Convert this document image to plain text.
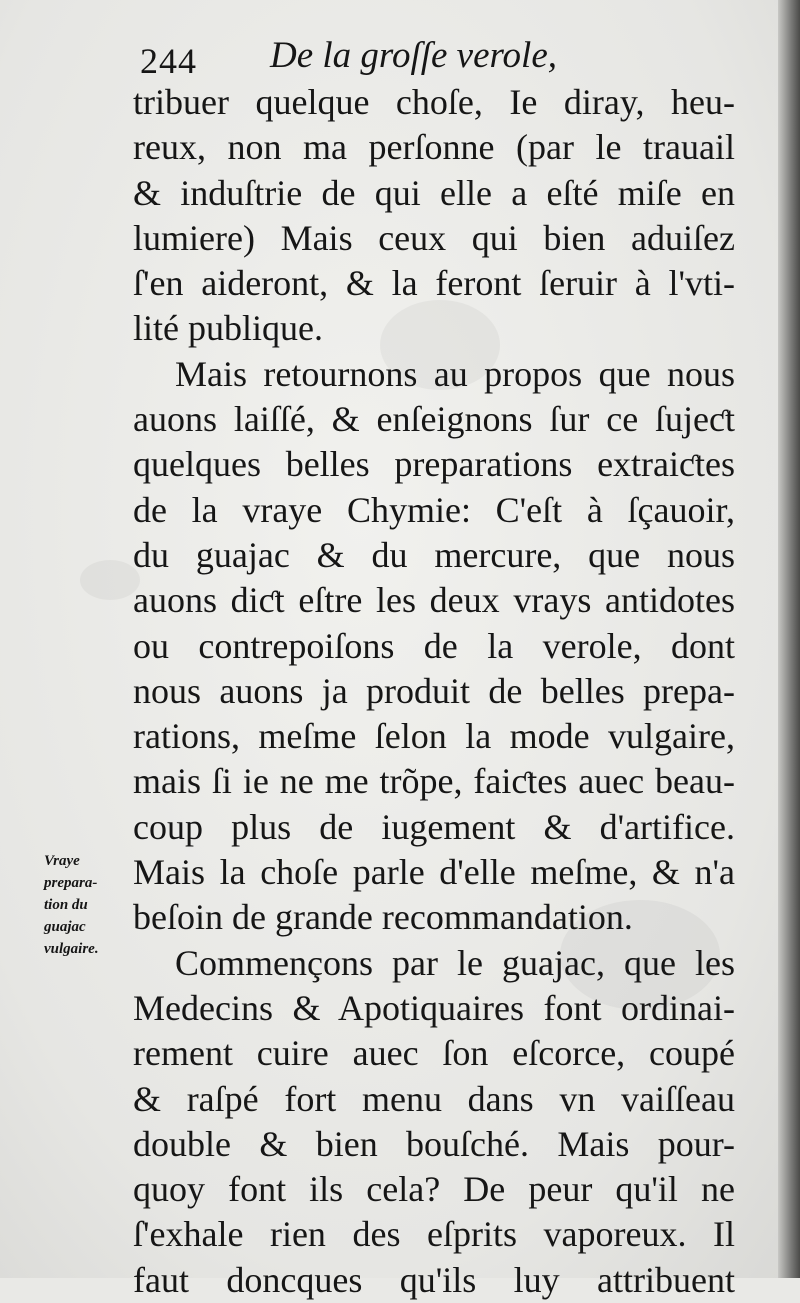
244 De la groſſe verole,
tribuer quelque choſe, Ie diray, heu-
reux, non ma perſonne (par le trauail
& induſtrie de qui elle a eſté miſe en
lumiere) Mais ceux qui bien aduiſez
ſ'en aideront, & la feront ſeruir à l'vti-
lité publique.
Mais retournons au propos que nous
auons laiſſé, & enſeignons ſur ce ſujeƈt
quelques belles preparations extraiƈtes
de la vraye Chymie: C'eſt à ſçauoir,
du guajac & du mercure, que nous
auons diƈt eſtre les deux vrays antidotes
ou contrepoiſons de la verole, dont
nous auons ja produit de belles prepa-
rations, meſme ſelon la mode vulgaire,
mais ſi ie ne me trõpe, faiƈtes auec beau-
coup plus de iugement & d'artifice.
Mais la choſe parle d'elle meſme, & n'a
beſoin de grande recommandation.
Commençons par le guajac, que les
Medecins & Apotiquaires font ordinai-
rement cuire auec ſon eſcorce, coupé
& raſpé fort menu dans vn vaiſſeau
double & bien bouſché. Mais pour-
quoy font ils cela? De peur qu'il ne
ſ'exhale rien des eſprits vaporeux. Il
faut doncques qu'ils luy attribuent
Vraye
prepara-
tion du
guajac
vulgaire.
